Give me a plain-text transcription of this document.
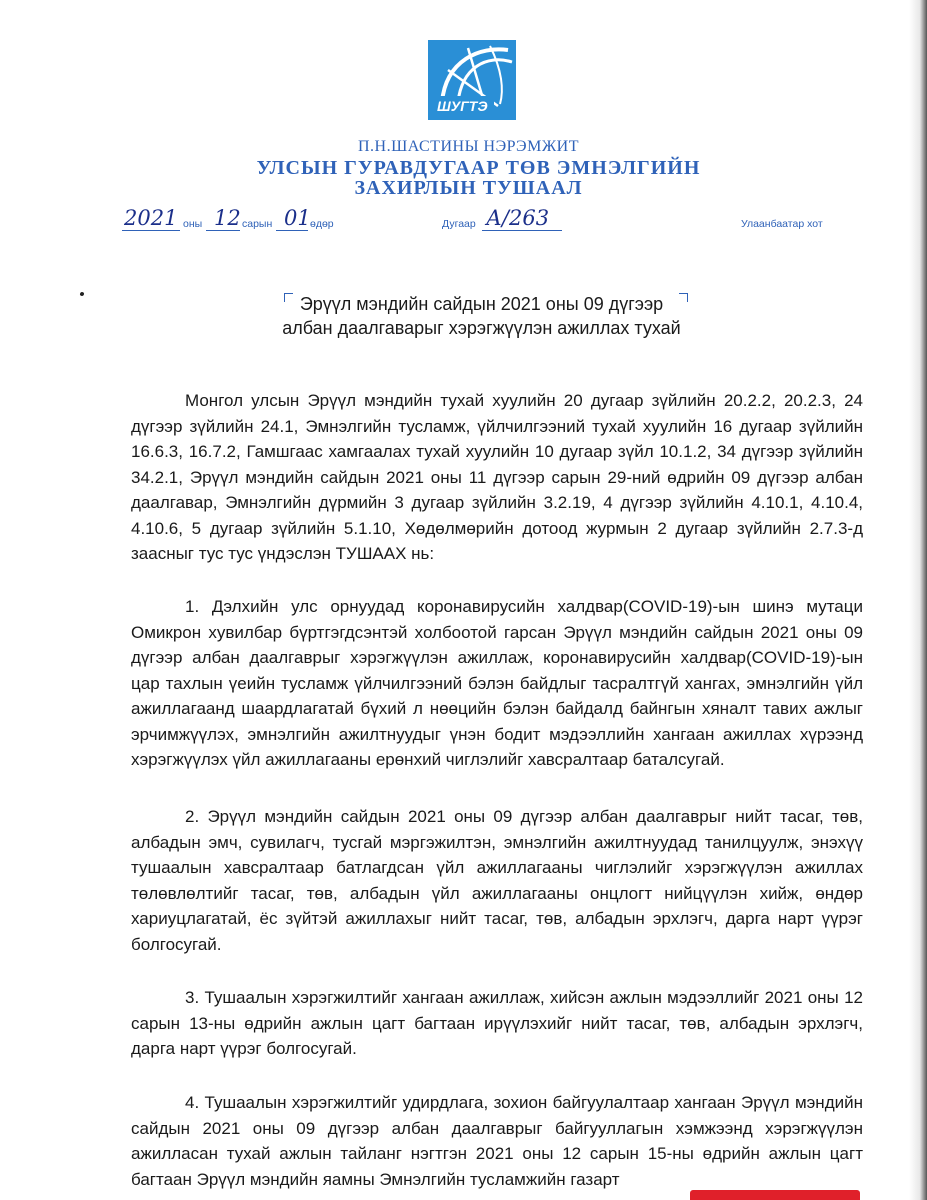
ШУГТЭ
П.Н.ШАСТИНЫ НЭРЭМЖИТ
УЛСЫН ГУРАВДУГААР ТӨВ ЭМНЭЛГИЙН
ЗАХИРЛЫН ТУШААЛ
2021 оны 12 сарын 01 өдөр	Дугаар А/263	Улаанбаатар хот
Эрүүл мэндийн сайдын 2021 оны 09 дүгээр
албан даалгаварыг хэрэгжүүлэн ажиллах тухай

Монгол улсын Эрүүл мэндийн тухай хуулийн 20 дугаар зүйлийн 20.2.2, 20.2.3, 24 дүгээр зүйлийн 24.1, Эмнэлгийн тусламж, үйлчилгээний тухай хуулийн 16 дугаар зүйлийн 16.6.3, 16.7.2, Гамшгаас хамгаалах тухай хуулийн 10 дугаар зүйл 10.1.2, 34 дүгээр зүйлийн 34.2.1, Эрүүл мэндийн сайдын 2021 оны 11 дүгээр сарын 29-ний өдрийн 09 дүгээр албан даалгавар, Эмнэлгийн дүрмийн 3 дугаар зүйлийн 3.2.19, 4 дүгээр зүйлийн 4.10.1, 4.10.4, 4.10.6, 5 дугаар зүйлийн 5.1.10, Хөдөлмөрийн дотоод журмын 2 дугаар зүйлийн 2.7.3-д заасныг тус тус үндэслэн ТУШААХ нь:

1. Дэлхийн улс орнуудад коронавирусийн халдвар(COVID-19)-ын шинэ мутаци Омикрон хувилбар бүртгэгдсэнтэй холбоотой гарсан Эрүүл мэндийн сайдын 2021 оны 09 дүгээр албан даалгаврыг хэрэгжүүлэн ажиллаж, коронавирусийн халдвар(COVID-19)-ын цар тахлын үеийн тусламж үйлчилгээний бэлэн байдлыг тасралтгүй хангах, эмнэлгийн үйл ажиллагаанд шаардлагатай бүхий л нөөцийн бэлэн байдалд байнгын хяналт тавих ажлыг эрчимжүүлэх, эмнэлгийн ажилтнуудыг үнэн бодит мэдээллийн хангаан ажиллах хүрээнд хэрэгжүүлэх үйл ажиллагааны ерөнхий чиглэлийг хавсралтаар баталсугай.

2. Эрүүл мэндийн сайдын 2021 оны 09 дүгээр албан даалгаврыг нийт тасаг, төв, албадын эмч, сувилагч, тусгай мэргэжилтэн, эмнэлгийн ажилтнуудад танилцуулж, энэхүү тушаалын хавсралтаар батлагдсан үйл ажиллагааны чиглэлийг хэрэгжүүлэн ажиллах төлөвлөлтийг тасаг, төв, албадын үйл ажиллагааны онцлогт нийцүүлэн хийж, өндөр хариуцлагатай, ёс зүйтэй ажиллахыг нийт тасаг, төв, албадын эрхлэгч, дарга нарт үүрэг болгосугай.

3. Тушаалын хэрэгжилтийг хангаан ажиллаж, хийсэн ажлын мэдээллийг 2021 оны 12 сарын 13-ны өдрийн ажлын цагт багтаан ирүүлэхийг нийт тасаг, төв, албадын эрхлэгч, дарга нарт үүрэг болгосугай.

4. Тушаалын хэрэгжилтийг удирдлага, зохион байгуулалтаар хангаан Эрүүл мэндийн сайдын 2021 оны 09 дүгээр албан даалгаврыг байгууллагын хэмжээнд хэрэгжүүлэн ажилласан тухай ажлын тайланг нэгтгэн 2021 оны 12 сарын 15-ны өдрийн ажлын цагт багтаан Эрүүл мэндийн яамны Эмнэлгийн тусламжийн газарт
